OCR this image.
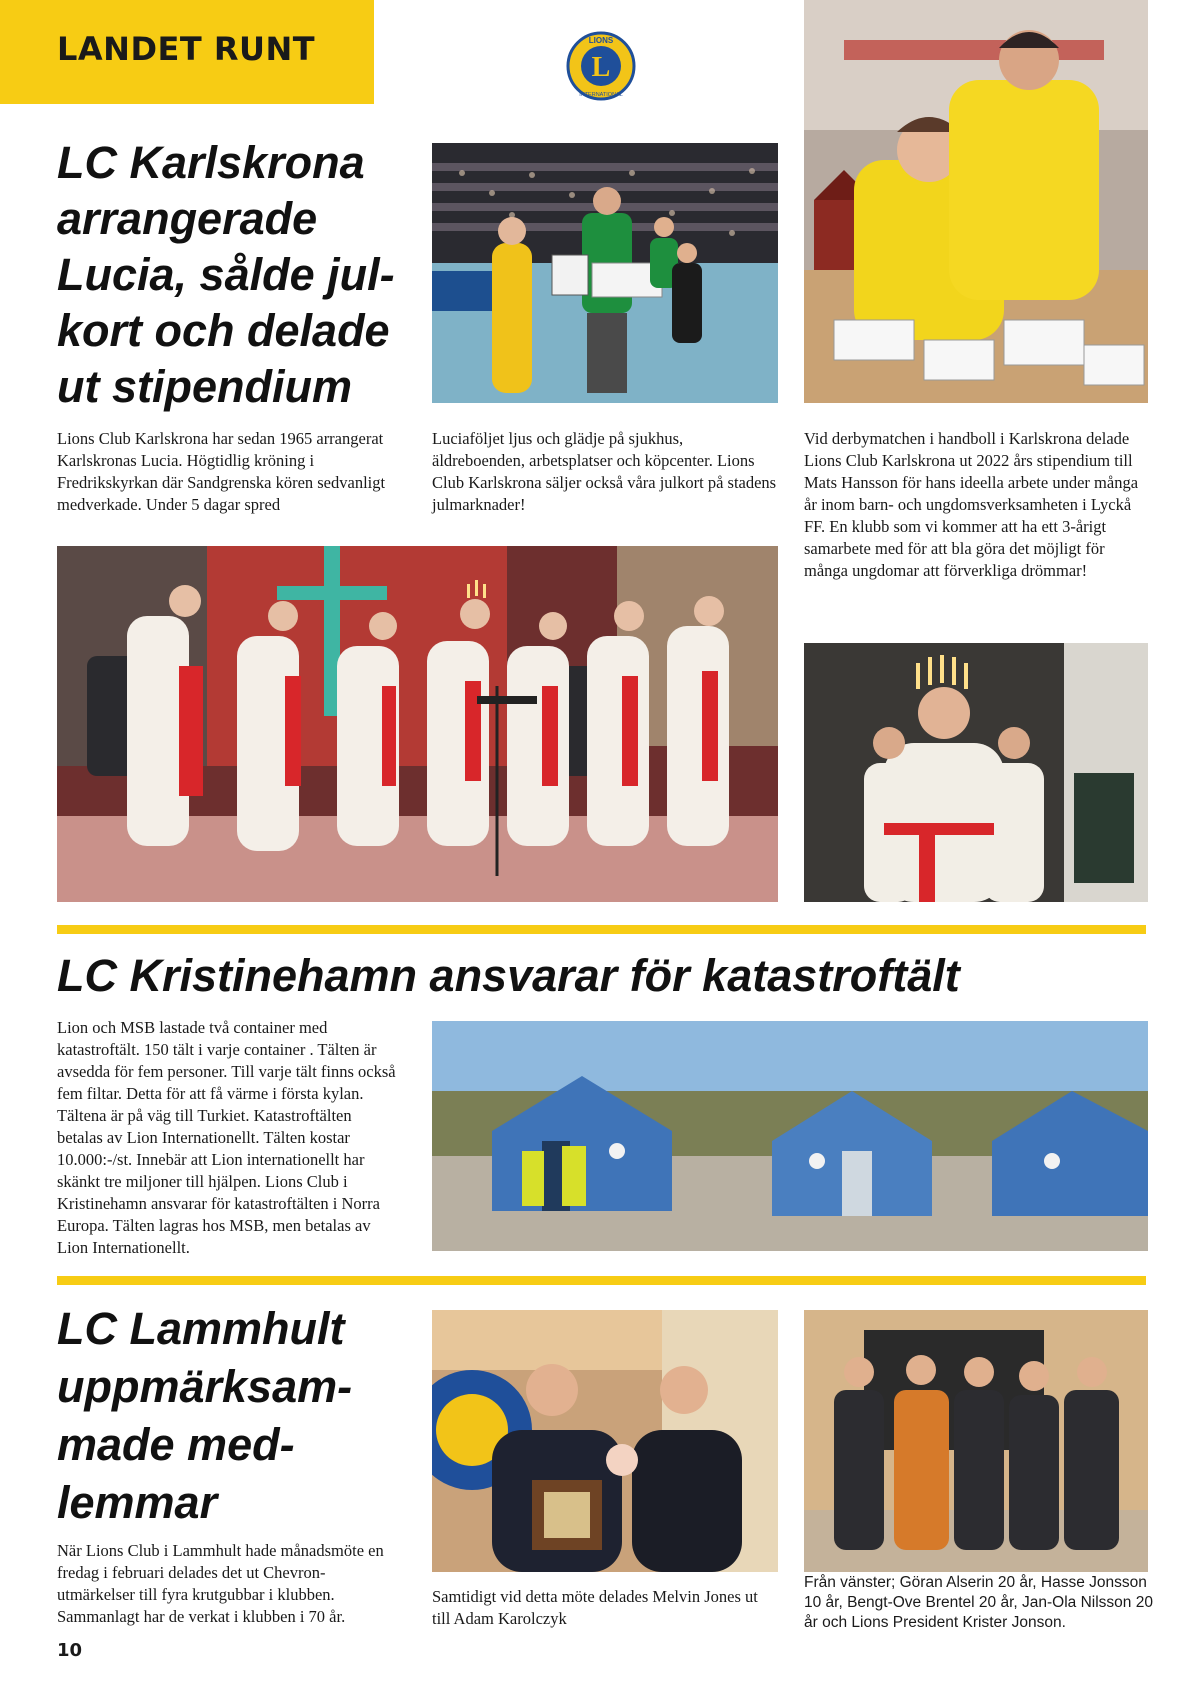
LANDET RUNT	L
LIONS
INTERNATIONAL
LC Karlskrona arrangerade Lucia, sålde julkort och delade ut stipendium

Lions Club Karlskrona har sedan 1965 arrangerat Karlskronas Lucia. Högtidlig kröning i Fredrikskyrkan där Sandgrenska kören sedvanligt medverkade. Under 5 dagar spred

Luciaföljet ljus och glädje på sjukhus, äldreboenden, arbetsplatser och köpcenter. Lions Club Karlskrona säljer också våra julkort på stadens julmarknader!

Vid derbymatchen i handboll i Karlskrona delade Lions Club Karlskrona ut 2022 års stipendium till Mats Hansson för hans ideella arbete under många år inom barn- och ungdomsverksamheten i Lyckå FF. En klubb som vi kommer att ha ett 3-årigt samarbete med för att bla göra det möjligt för många ungdomar att förverkliga drömmar!

LC Kristinehamn ansvarar för katastroftält

Lion och MSB lastade två container med katastroftält. 150 tält i varje container . Tälten är avsedda för fem personer. Till varje tält finns också fem filtar. Detta för att få värme i första kylan. Tältena är på väg till Turkiet. Katastroftälten betalas av Lion Internationellt. Tälten kostar 10.000:-/st. Innebär att Lion internationellt har skänkt tre miljoner till hjälpen. Lions Club i Kristinehamn ansvarar för katastroftälten i Norra Europa. Tälten lagras hos MSB, men betalas av Lion Internationellt.

LC Lammhult uppmärksammade medlemmar

När Lions Club i Lammhult hade månadsmöte en fredag i februari delades det ut Chevron-utmärkelser till fyra krutgubbar i klubben. Sammanlagt har de verkat i klubben i 70 år.

Samtidigt vid detta möte delades Melvin Jones ut till Adam Karolczyk

Från vänster; Göran Alserin 20 år, Hasse Jonsson 10 år, Bengt-Ove Brentel 20 år, Jan-Ola Nilsson 20 år och Lions President Krister Jonson.

10
